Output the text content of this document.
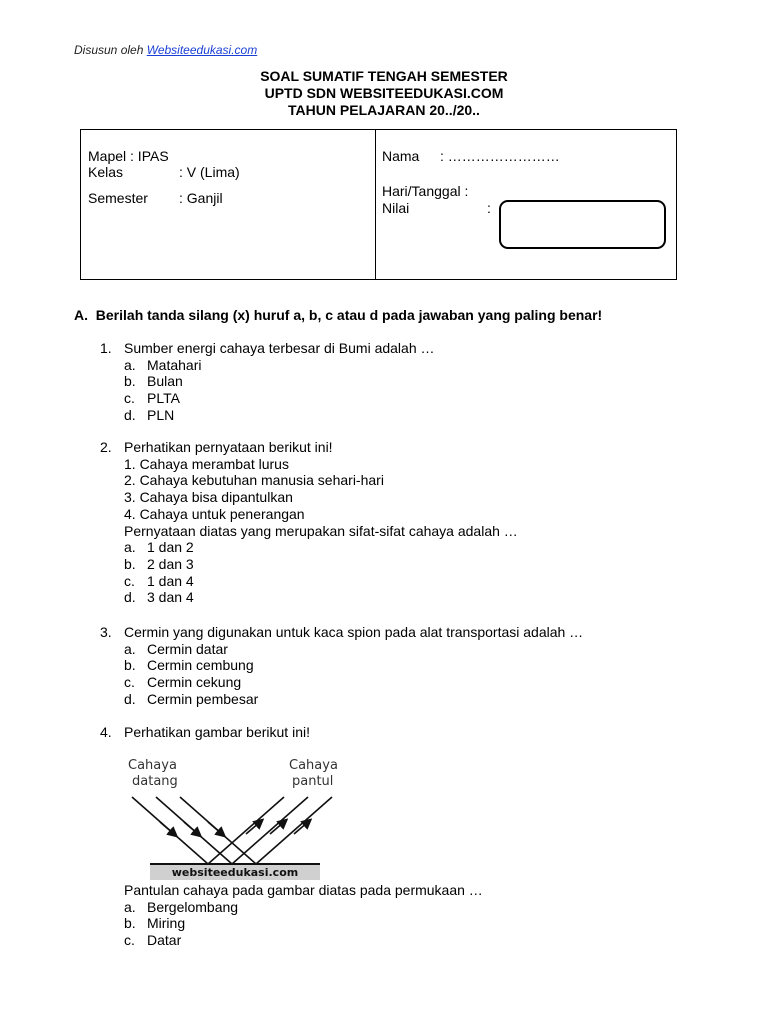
Disusun oleh Websiteedukasi.com
SOAL SUMATIF TENGAH SEMESTER
UPTD SDN WEBSITEEDUKASI.COM
TAHUN PELAJARAN 20../20..
Mapel : IPAS
Kelas	: V (Lima)
Semester : Ganjil
Nama : ……………………
Hari/Tanggal :
Nilai	:
A. Berilah tanda silang (x) huruf a, b, c atau d pada jawaban yang paling benar!
1. Sumber energi cahaya terbesar di Bumi adalah …
a. Matahari
b. Bulan
c. PLTA
d. PLN
2. Perhatikan pernyataan berikut ini!
1. Cahaya merambat lurus
2. Cahaya kebutuhan manusia sehari-hari
3. Cahaya bisa dipantulkan
4. Cahaya untuk penerangan
Pernyataan diatas yang merupakan sifat-sifat cahaya adalah …
a. 1 dan 2
b. 2 dan 3
c. 1 dan 4
d. 3 dan 4
3. Cermin yang digunakan untuk kaca spion pada alat transportasi adalah …
a. Cermin datar
b. Cermin cembung
c. Cermin cekung
d. Cermin pembesar
4. Perhatikan gambar berikut ini!
Cahaya
datang
Cahaya
pantul
websiteedukasi.com
Pantulan cahaya pada gambar diatas pada permukaan …
a. Bergelombang
b. Miring
c. Datar
